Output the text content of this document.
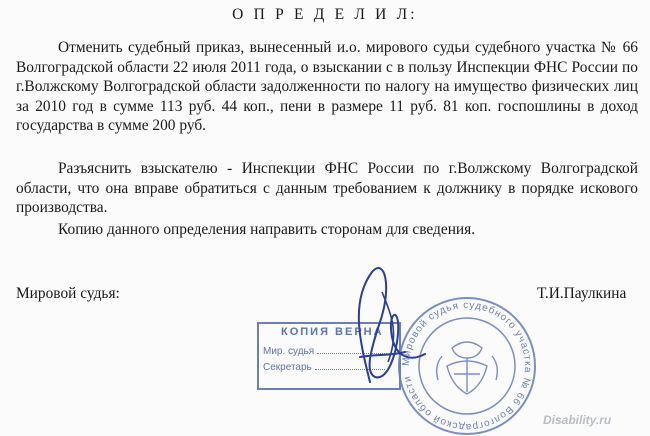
О П Р Е Д Е Л И Л:

Отменить судебный приказ, вынесенный и.о. мирового судьи судебного участка № 66 Волгоградской области 22 июля 2011 года, о взыскании с в пользу Инспекции ФНС России по г.Волжскому Волгоградской области задолженности по налогу на имущество физических лиц за 2010 год в сумме 113 руб. 44 коп., пени в размере 11 руб. 81 коп. госпошлины в доход государства в сумме 200 руб.

Разъяснить взыскателю - Инспекции ФНС России по г.Волжскому Волгоградской области, что она вправе обратиться с данным требованием к должнику в порядке искового производства.

Копию данного определения направить сторонам для сведения.

Мировой судья:	Т.И.Паулкина
Мировой судья судебного участка № 66 Волгоградской области
КОПИЯ ВЕРНА
Мир. судья
Секретарь
Disability.ru
